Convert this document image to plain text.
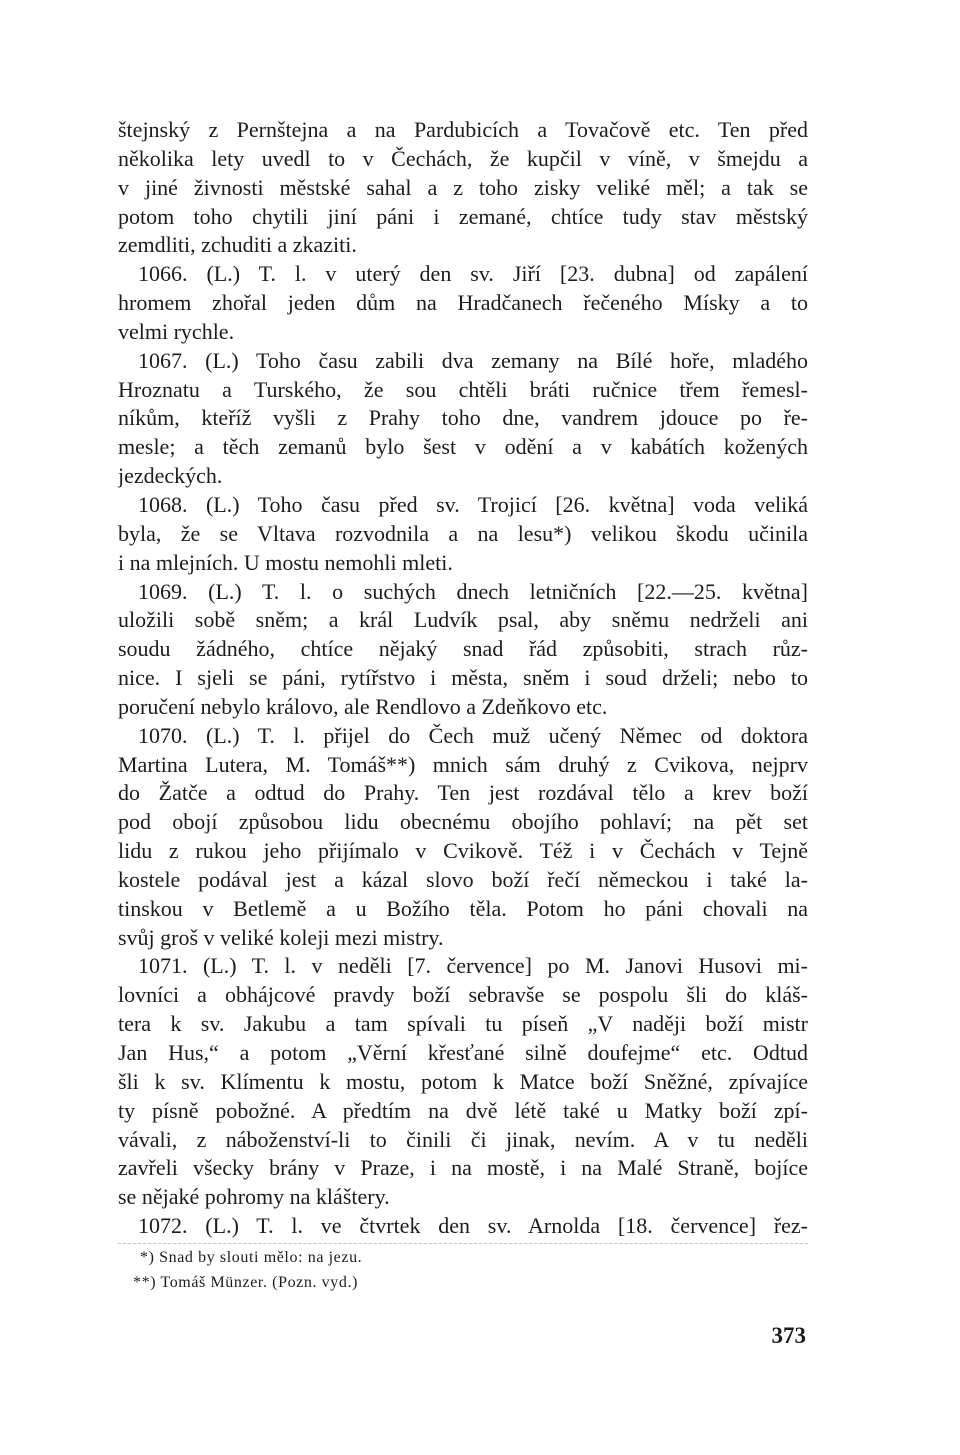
štejnský z Pernštejna a na Pardubicích a Tovačově etc. Ten před
několika lety uvedl to v Čechách, že kupčil v víně, v šmejdu a
v jiné živnosti městské sahal a z toho zisky veliké měl; a tak se
potom toho chytili jiní páni i zemané, chtíce tudy stav městský
zemdliti, zchuditi a zkaziti.
1066. (L.) T. l. v uterý den sv. Jiří [23. dubna] od zapálení
hromem zhořal jeden dům na Hradčanech řečeného Mísky a to
velmi rychle.
1067. (L.) Toho času zabili dva zemany na Bílé hoře, mladého
Hroznatu a Turského, že sou chtěli bráti ručnice třem řemesl-
níkům, kteříž vyšli z Prahy toho dne, vandrem jdouce po ře-
mesle; a těch zemanů bylo šest v odění a v kabátích kožených
jezdeckých.
1068. (L.) Toho času před sv. Trojicí [26. května] voda veliká
byla, že se Vltava rozvodnila a na lesu*) velikou škodu učinila
i na mlejních. U mostu nemohli mleti.
1069. (L.) T. l. o suchých dnech letničních [22.—25. května]
uložili sobě sněm; a král Ludvík psal, aby sněmu nedrželi ani
soudu žádného, chtíce nějaký snad řád způsobiti, strach růz-
nice. I sjeli se páni, rytířstvo i města, sněm i soud drželi; nebo to
poručení nebylo královo, ale Rendlovo a Zdeňkovo etc.
1070. (L.) T. l. přijel do Čech muž učený Němec od doktora
Martina Lutera, M. Tomáš**) mnich sám druhý z Cvikova, nejprv
do Žatče a odtud do Prahy. Ten jest rozdával tělo a krev boží
pod obojí způsobou lidu obecnému obojího pohlaví; na pět set
lidu z rukou jeho přijímalo v Cvikově. Též i v Čechách v Tejně
kostele podával jest a kázal slovo boží řečí německou i také la-
tinskou v Betlemě a u Božího těla. Potom ho páni chovali na
svůj groš v veliké koleji mezi mistry.
1071. (L.) T. l. v neděli [7. července] po M. Janovi Husovi mi-
lovníci a obhájcové pravdy boží sebravše se pospolu šli do kláš-
tera k sv. Jakubu a tam spívali tu píseň „V naději boží mistr
Jan Hus,“ a potom „Věrní křesťané silně doufejme“ etc. Odtud
šli k sv. Klímentu k mostu, potom k Matce boží Sněžné, zpívajíce
ty písně pobožné. A předtím na dvě létě také u Matky boží zpí-
vávali, z náboženství-li to činili či jinak, nevím. A v tu neděli
zavřeli všecky brány v Praze, i na mostě, i na Malé Straně, bojíce
se nějaké pohromy na kláštery.
1072. (L.) T. l. ve čtvrtek den sv. Arnolda [18. července] řez-
*) Snad by slouti mělo: na jezu.
**) Tomáš Münzer. (Pozn. vyd.)
373
